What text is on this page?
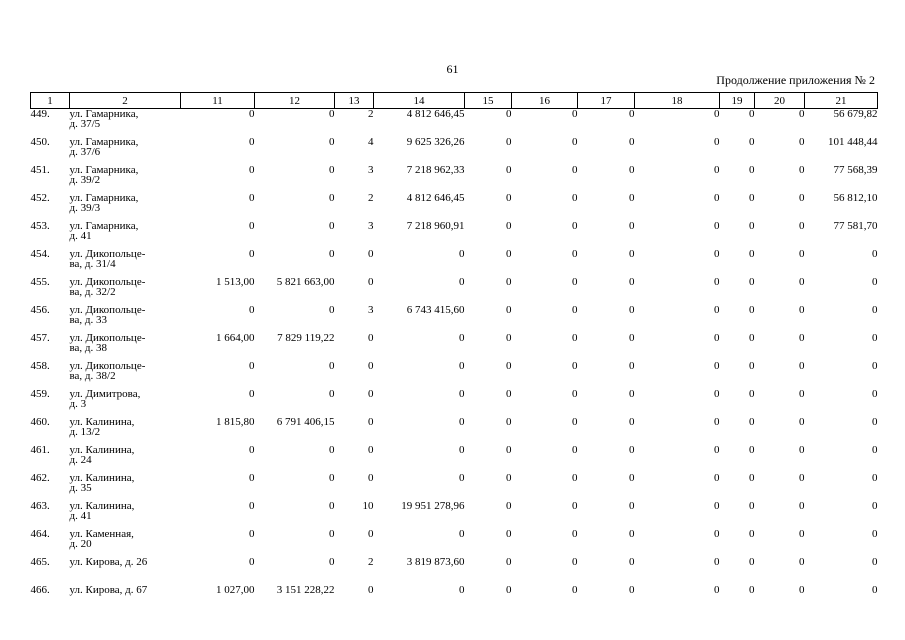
61
Продолжение приложения № 2
1	2	11	12	13	14	15	16	17	18	19	20	21
449.	ул. Гамарника,
д. 37/5	0	0	2	4 812 646,45	0	0	0	0	0	0	56 679,82
450.	ул. Гамарника,
д. 37/6	0	0	4	9 625 326,26	0	0	0	0	0	0	101 448,44
451.	ул. Гамарника,
д. 39/2	0	0	3	7 218 962,33	0	0	0	0	0	0	77 568,39
452.	ул. Гамарника,
д. 39/3	0	0	2	4 812 646,45	0	0	0	0	0	0	56 812,10
453.	ул. Гамарника,
д. 41	0	0	3	7 218 960,91	0	0	0	0	0	0	77 581,70
454.	ул. Дикопольце-
ва, д. 31/4	0	0	0	0	0	0	0	0	0	0	0
455.	ул. Дикопольце-
ва, д. 32/2	1 513,00	5 821 663,00	0	0	0	0	0	0	0	0	0
456.	ул. Дикопольце-
ва, д. 33	0	0	3	6 743 415,60	0	0	0	0	0	0	0
457.	ул. Дикопольце-
ва, д. 38	1 664,00	7 829 119,22	0	0	0	0	0	0	0	0	0
458.	ул. Дикопольце-
ва, д. 38/2	0	0	0	0	0	0	0	0	0	0	0
459.	ул. Димитрова,
д. 3	0	0	0	0	0	0	0	0	0	0	0
460.	ул. Калинина,
д. 13/2	1 815,80	6 791 406,15	0	0	0	0	0	0	0	0	0
461.	ул. Калинина,
д. 24	0	0	0	0	0	0	0	0	0	0	0
462.	ул. Калинина,
д. 35	0	0	0	0	0	0	0	0	0	0	0
463.	ул. Калинина,
д. 41	0	0	10	19 951 278,96	0	0	0	0	0	0	0
464.	ул. Каменная,
д. 20	0	0	0	0	0	0	0	0	0	0	0
465.	ул. Кирова, д. 26	0	0	2	3 819 873,60	0	0	0	0	0	0	0
466.	ул. Кирова, д. 67	1 027,00	3 151 228,22	0	0	0	0	0	0	0	0	0
